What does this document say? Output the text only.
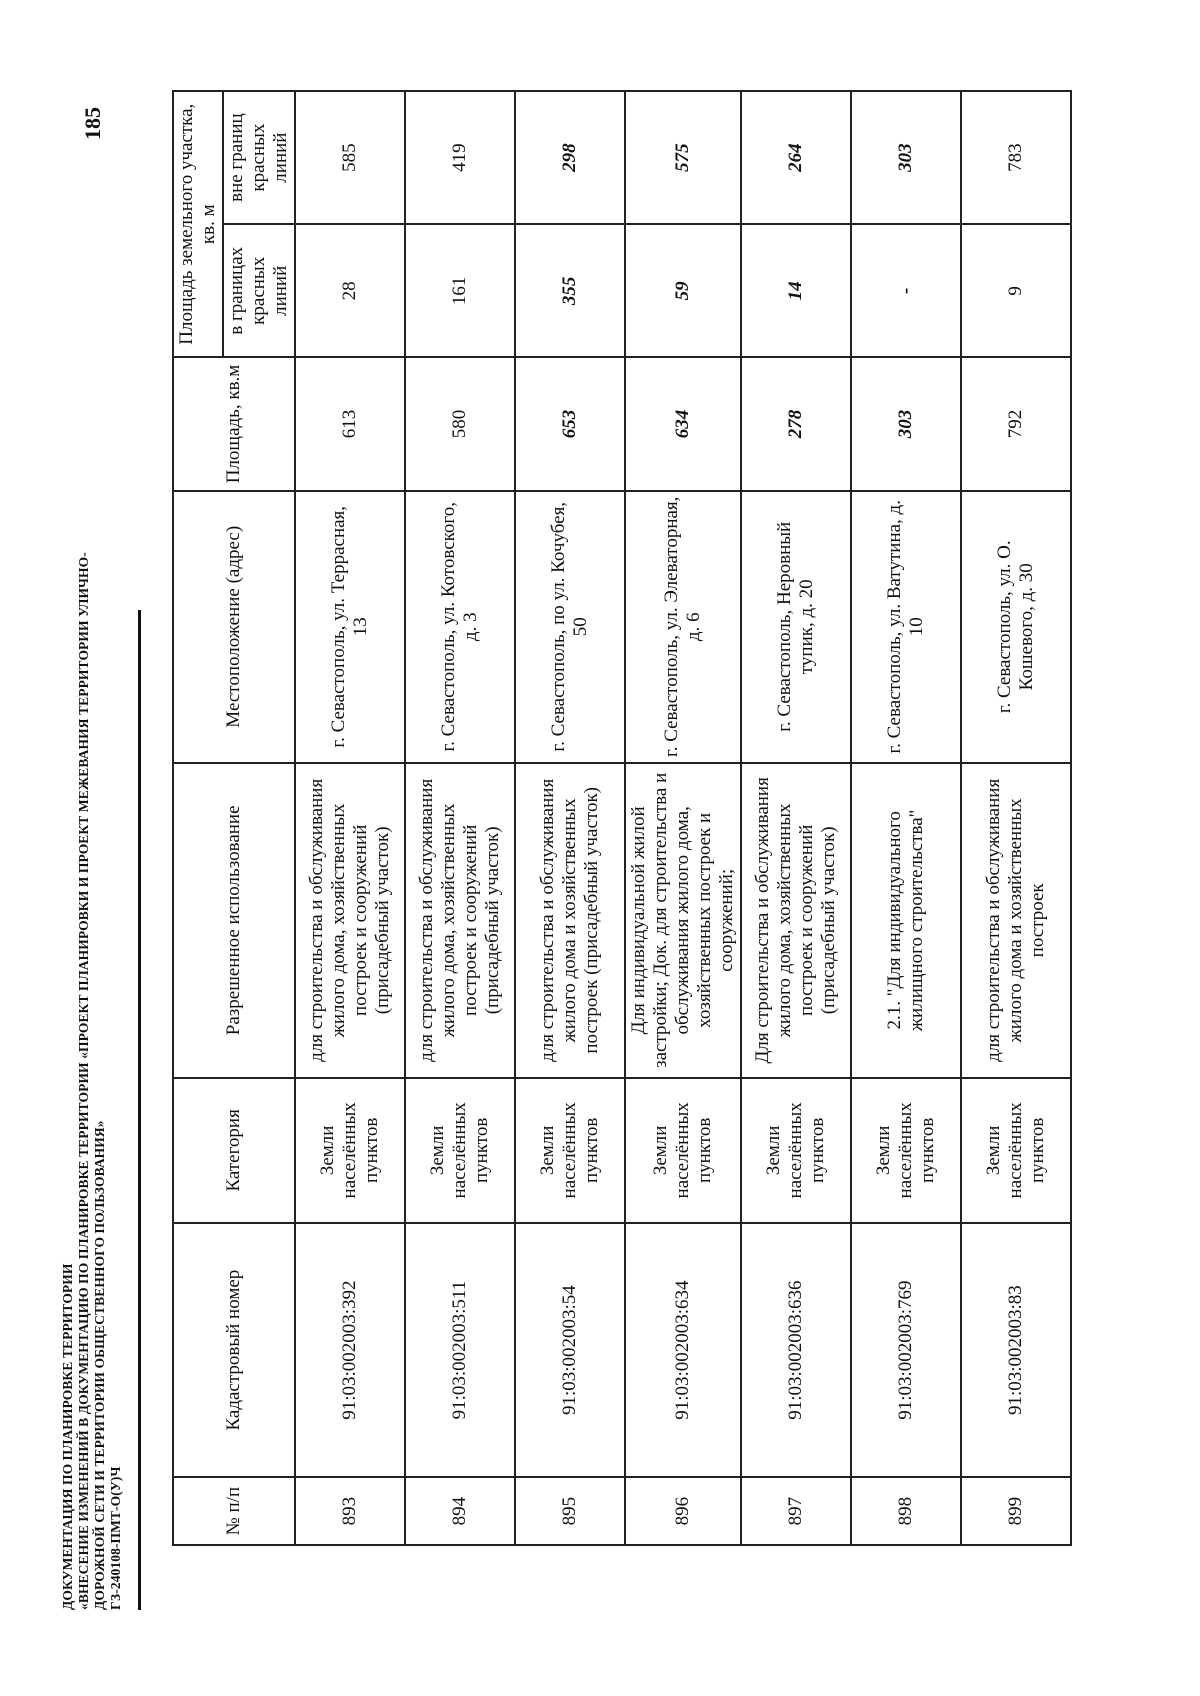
ДОКУМЕНТАЦИЯ ПО ПЛАНИРОВКЕ ТЕРРИТОРИИ «ВНЕСЕНИЕ ИЗМЕНЕНИЙ В ДОКУМЕНТАЦИЮ ПО ПЛАНИРОВКЕ ТЕРРИТОРИИ «ПРОЕКТ ПЛАНИРОВКИ И ПРОЕКТ МЕЖЕВАНИЯ ТЕРРИТОРИИ УЛИЧНО- ДОРОЖНОЙ СЕТИ И ТЕРРИТОРИИ ОБЩЕСТВЕННОГО ПОЛЬЗОВАНИЯ» ГЗ-240108-ПМТ-О(У)Ч
185
№ п/п	Кадастровый номер	Категория	Разрешенное использование	Местоположение (адрес)	Площадь, кв.м	Площадь земельного участка, кв. м	
						в границах красных линий	вне границ красных линий
893	91:03:002003:392	Земли населённых пунктов	для строительства и обслуживания жилого дома, хозяйственных построек и сооружений (присадебный участок)	г. Севастополь, ул. Террасная, 13	613	28	585
894	91:03:002003:511	Земли населённых пунктов	для строительства и обслуживания жилого дома, хозяйственных построек и сооружений (присадебный участок)	г. Севастополь, ул. Котовского, д. 3	580	161	419
895	91:03:002003:54	Земли населённых пунктов	для строительства и обслуживания жилого дома и хозяйственных построек (присадебный участок)	г. Севастополь, по ул. Кочубея, 50	653	355	298
896	91:03:002003:634	Земли населённых пунктов	Для индивидуальной жилой застройки; Док. для строительства и обслуживания жилого дома, хозяйственных построек и сооружений;	г. Севастополь, ул. Элеваторная, д. 6	634	59	575
897	91:03:002003:636	Земли населённых пунктов	Для строительства и обслуживания жилого дома, хозяйственных построек и сооружений (присадебный участок)	г. Севастополь, Неровный тупик, д. 20	278	14	264
898	91:03:002003:769	Земли населённых пунктов	2.1. "Для индивидуального жилищного строительства"	г. Севастополь, ул. Ватутина, д. 10	303	-	303
899	91:03:002003:83	Земли населённых пунктов	для строительства и обслуживания жилого дома и хозяйственных построек	г. Севастополь, ул. О. Кошевого, д. 30	792	9	783
